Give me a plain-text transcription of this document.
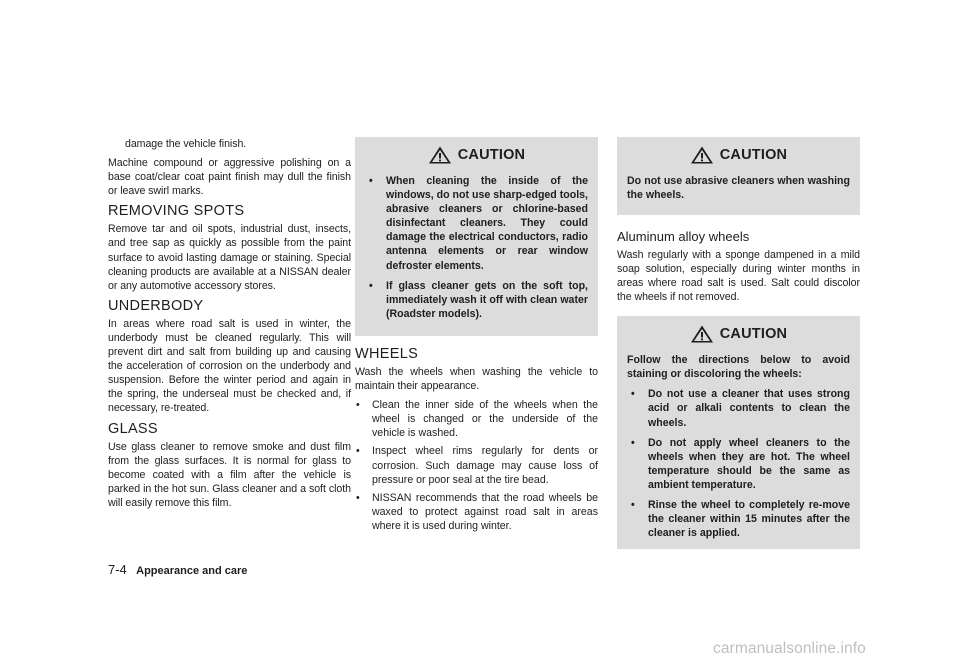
damage the vehicle finish.

Machine compound or aggressive polishing on a base coat/clear coat paint finish may dull the finish or leave swirl marks.

REMOVING SPOTS

Remove tar and oil spots, industrial dust, insects, and tree sap as quickly as possible from the paint surface to avoid lasting damage or staining. Special cleaning products are available at a NISSAN dealer or any automotive accessory stores.

UNDERBODY

In areas where road salt is used in winter, the underbody must be cleaned regularly. This will prevent dirt and salt from building up and causing the acceleration of corrosion on the underbody and suspension. Before the winter period and again in the spring, the underseal must be checked and, if necessary, re-treated.

GLASS

Use glass cleaner to remove smoke and dust film from the glass surfaces. It is normal for glass to become coated with a film after the vehicle is parked in the hot sun. Glass cleaner and a soft cloth will easily remove this film.

CAUTION
• When cleaning the inside of the windows, do not use sharp-edged tools, abrasive cleaners or chlorine-based disinfectant cleaners. They could damage the electrical conductors, radio antenna elements or rear window defroster elements.
• If glass cleaner gets on the soft top, immediately wash it off with clean water (Roadster models).
WHEELS

Wash the wheels when washing the vehicle to maintain their appearance.

• Clean the inner side of the wheels when the wheel is changed or the underside of the vehicle is washed.
• Inspect wheel rims regularly for dents or corrosion. Such damage may cause loss of pressure or poor seal at the tire bead.
• NISSAN recommends that the road wheels be waxed to protect against road salt in areas where it is used during winter.
CAUTION

Do not use abrasive cleaners when washing the wheels.

Aluminum alloy wheels

Wash regularly with a sponge dampened in a mild soap solution, especially during winter months in areas where road salt is used. Salt could discolor the wheels if not removed.

CAUTION

Follow the directions below to avoid staining or discoloring the wheels:

• Do not use a cleaner that uses strong acid or alkali contents to clean the wheels.
• Do not apply wheel cleaners to the wheels when they are hot. The wheel temperature should be the same as ambient temperature.
• Rinse the wheel to completely re-move the cleaner within 15 minutes after the cleaner is applied.
7-4 Appearance and care
carmanualsonline.info
